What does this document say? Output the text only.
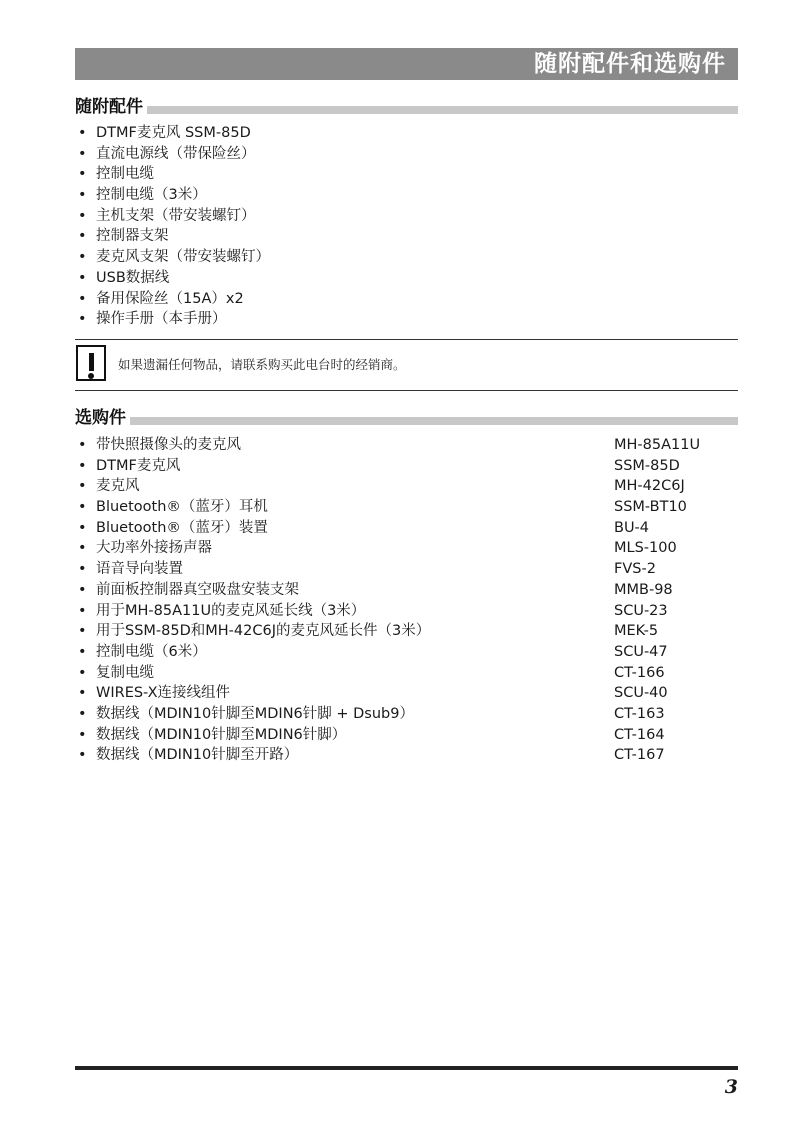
随附配件和选购件
随附配件
• DTMF麦克风 SSM-85D
• 直流电源线（带保险丝）
• 控制电缆
• 控制电缆（3米）
• 主机支架（带安装螺钉）
• 控制器支架
• 麦克风支架（带安装螺钉）
• USB数据线
• 备用保险丝（15A）x2
• 操作手册（本手册）
如果遗漏任何物品，请联系购买此电台时的经销商。
选购件
• 带快照摄像头的麦克风	MH-85A11U
• DTMF麦克风	SSM-85D
• 麦克风	MH-42C6J
• Bluetooth®（蓝牙）耳机	SSM-BT10
• Bluetooth®（蓝牙）装置	BU-4
• 大功率外接扬声器	MLS-100
• 语音导向装置	FVS-2
• 前面板控制器真空吸盘安装支架	MMB-98
• 用于MH-85A11U的麦克风延长线（3米）	SCU-23
• 用于SSM-85D和MH-42C6J的麦克风延长件（3米）	MEK-5
• 控制电缆（6米）	SCU-47
• 复制电缆	CT-166
• WIRES-X连接线组件	SCU-40
• 数据线（MDIN10针脚至MDIN6针脚 + Dsub9）	CT-163
• 数据线（MDIN10针脚至MDIN6针脚）	CT-164
• 数据线（MDIN10针脚至开路）	CT-167
3
